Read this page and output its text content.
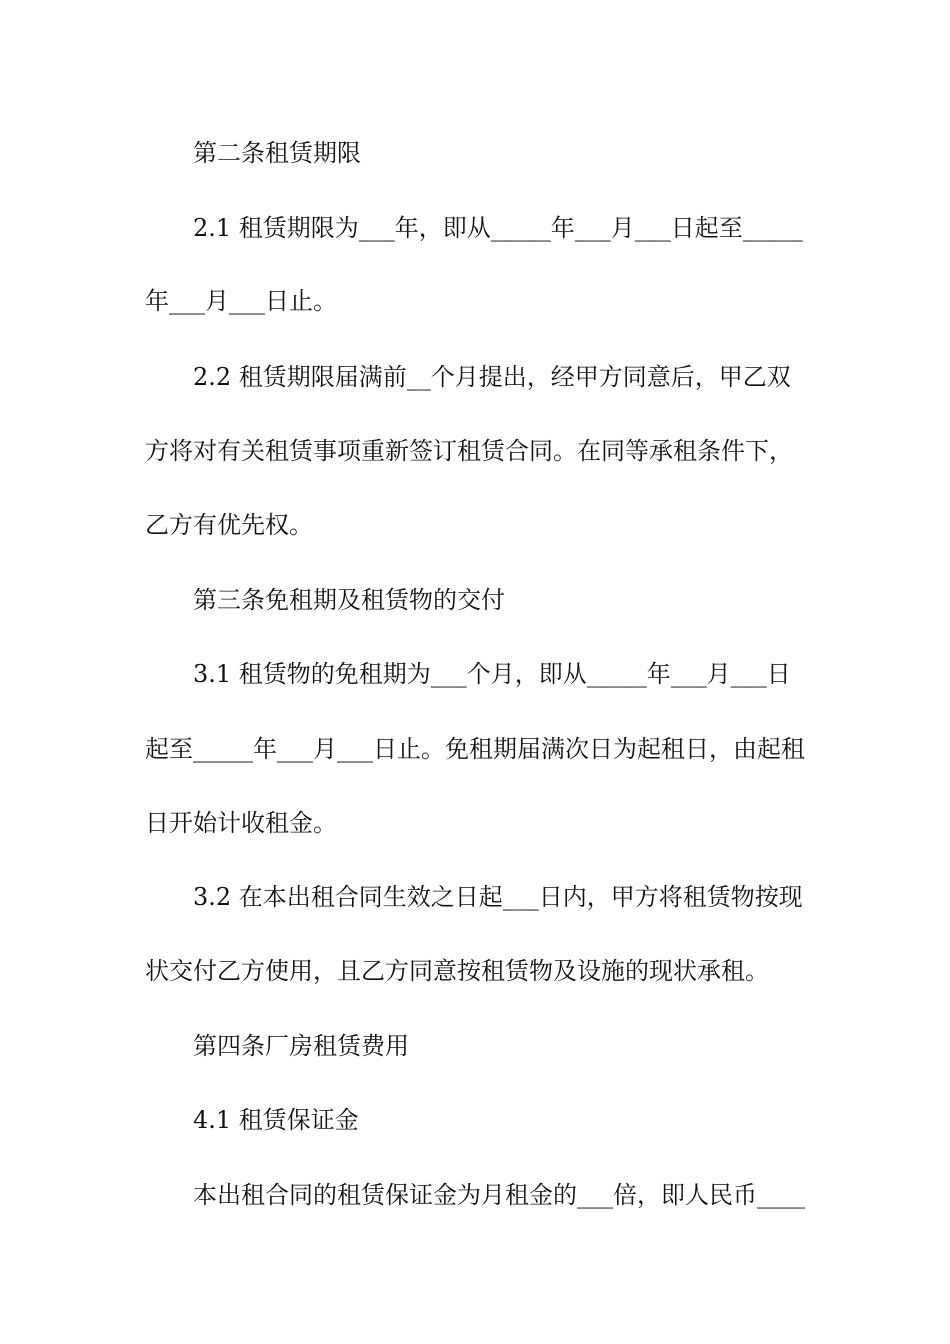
第二条租赁期限
2.1 租赁期限为___年，即从_____年___月___日起至_____
年___月___日止。
2.2 租赁期限届满前__个月提出，经甲方同意后，甲乙双
方将对有关租赁事项重新签订租赁合同。在同等承租条件下，
乙方有优先权。
第三条免租期及租赁物的交付
3.1 租赁物的免租期为___个月，即从_____年___月___日
起至_____年___月___日止。免租期届满次日为起租日，由起租
日开始计收租金。
3.2 在本出租合同生效之日起___日内，甲方将租赁物按现
状交付乙方使用，且乙方同意按租赁物及设施的现状承租。
第四条厂房租赁费用
4.1 租赁保证金
本出租合同的租赁保证金为月租金的___倍，即人民币____
